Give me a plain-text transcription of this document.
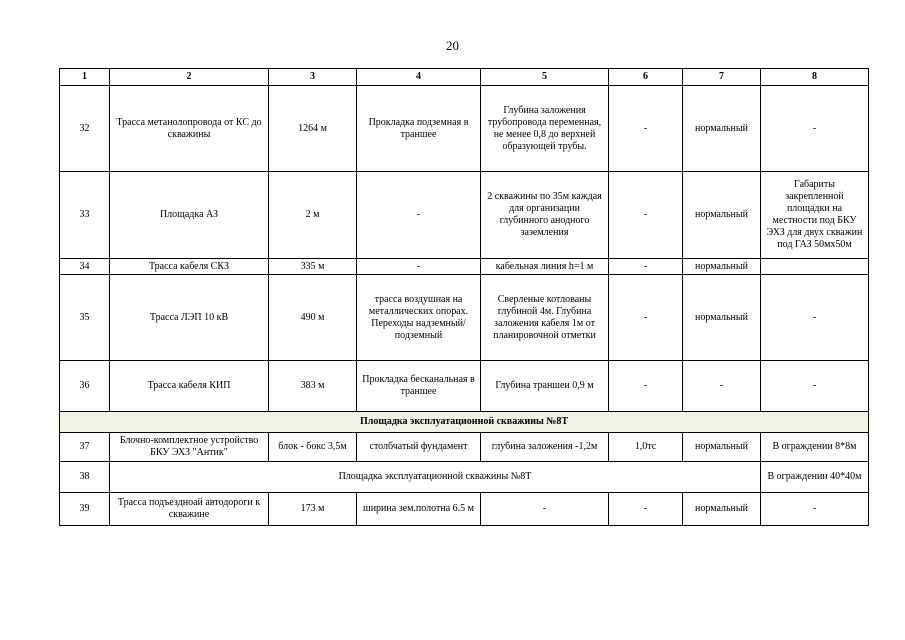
20
1	2	3	4	5	6	7	8
32	Трасса метанолопровода от КС до скважины	1264 м	Прокладка подземная в траншее	Глубина заложения трубопровода переменная, не менее 0,8 до верхней образующей трубы.	-	нормальный	-
33	Площадка АЗ	2 м	-	2 скважины по 35м каждая для организации глубинного анодного заземления	-	нормальный	Габариты закрепленной площадки на местности под БКУ ЭХЗ для двух скважин под ГАЗ 50мх50м
34	Трасса кабеля СКЗ	335 м	-	кабельная линия h=1 м	-	нормальный	
35	Трасса ЛЭП 10 кВ	490 м	трасса воздушная на металлических опорах. Переходы надземный/подземный	Сверленые котлованы глубиной 4м. Глубина заложения кабеля 1м от планировочной отметки	-	нормальный	-
36	Трасса кабеля КИП	383 м	Прокладка бесканальная в траншее	Глубина траншеи 0,9 м	-	-	-
Площадка эксплуатационной скважины №8Т							
37	Блочно-комплектное устройство БКУ ЭХЗ "Антик"	блок - бокс 3,5м	столбчатый фундамент	глубина заложения -1,2м	1,0тс	нормальный	В ограждении 8*8м
38	Площадка эксплуатационной скважины №8Т						В ограждении 40*40м
39	Трасса подъездноай автодороги к скважине	173 м	ширина зем.полотна 6.5 м	-	-	нормальный	-
